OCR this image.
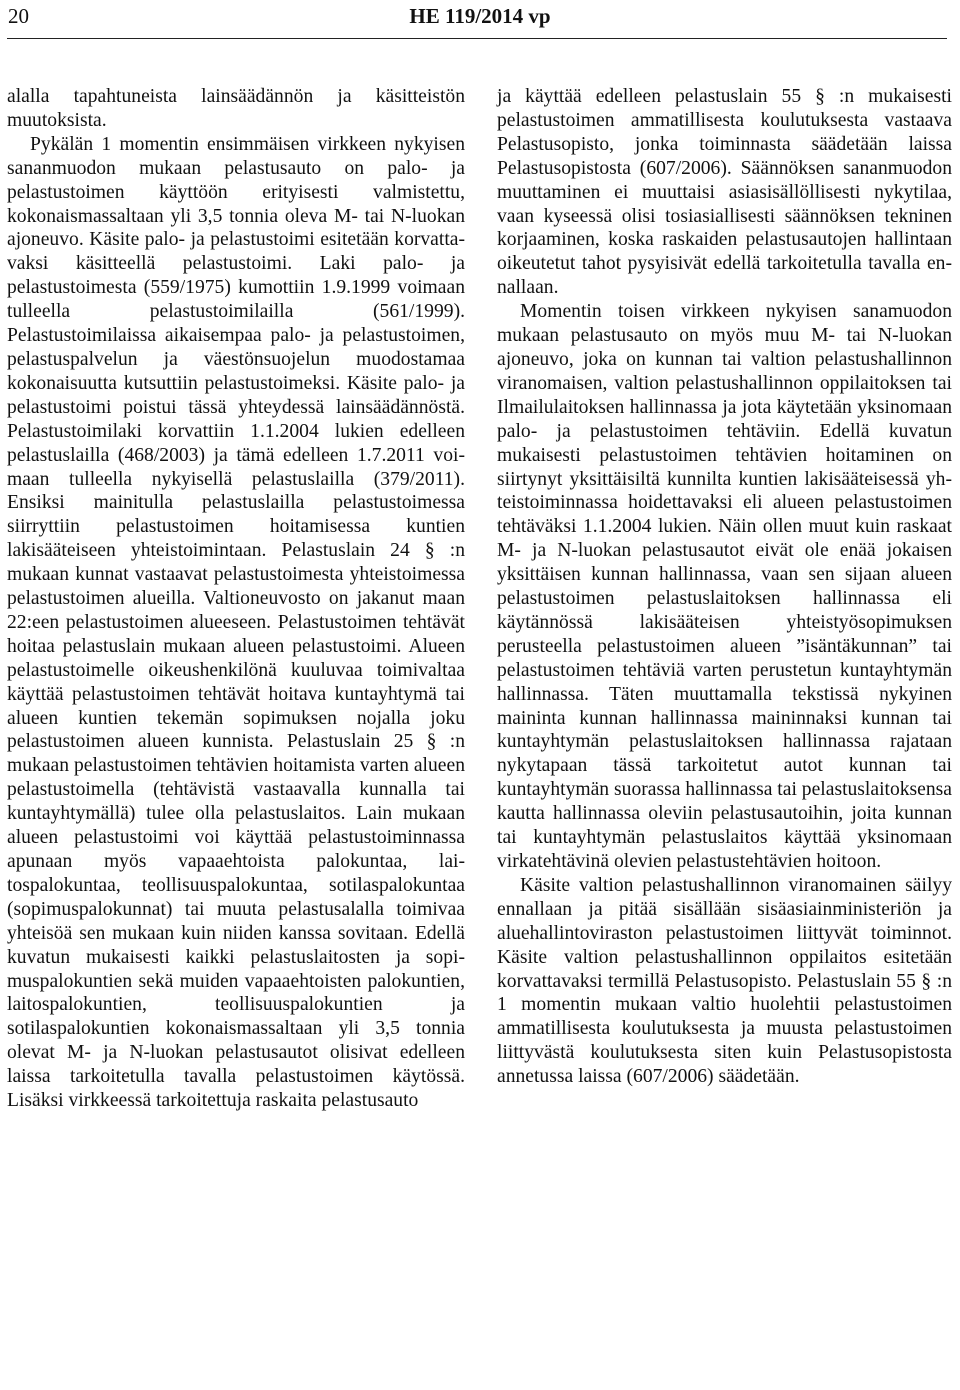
20	HE 119/2014 vp

alalla tapahtuneista lainsäädännön ja käsitteistön muutoksista.

Pykälän 1 momentin ensimmäisen virkkeen nykyisen sananmuodon mukaan pelastusauto on palo- ja pelastustoimen käyttöön erityisesti valmistettu, kokonaismassaltaan yli 3,5 tonnia oleva M- tai N-luokan ajoneuvo. Käsite palo- ja pelastustoimi esitetään korvattavaksi käsitteellä pelastustoimi. Laki palo- ja pelastustoimesta (559/1975) kumottiin 1.9.1999 voimaan tulleella pelastustoimilailla (561/1999). Pelastustoimilaissa aikaisempaa palo- ja pelastustoimen, pelastuspalvelun ja väestönsuojelun muodostamaa kokonaisuutta kutsuttiin pelastustoimeksi. Käsite palo- ja pelastustoimi poistui tässä yhteydessä lainsäädännöstä. Pelastustoimilaki korvattiin 1.1.2004 lukien edelleen pelastuslailla (468/2003) ja tämä edelleen 1.7.2011 voimaan tulleella nykyisellä pelastuslailla (379/2011). Ensiksi mainitulla pelastuslailla pelastustoimessa siirryttiin pelastustoimen hoitamisessa kuntien lakisääteiseen yhteistoimintaan. Pelastuslain 24 § :n mukaan kunnat vastaavat pelastustoimesta yhteistoimessa pelastustoimen alueilla. Valtioneuvosto on jakanut maan 22:een pelastustoimen alueeseen. Pelastustoimen tehtävät hoitaa pelastuslain mukaan alueen pelastustoimi. Alueen pelastustoimelle oikeushenkilönä kuuluvaa toimivaltaa käyttää pelastustoimen tehtävät hoitava kuntayhtymä tai alueen kuntien tekemän sopimuksen nojalla joku pelastustoimen alueen kunnista. Pelastuslain 25 § :n mukaan pelastustoimen tehtävien hoitamista varten alueen pelastustoimella (tehtävistä vastaavalla kunnalla tai kuntayhtymällä) tulee olla pelastuslaitos. Lain mukaan alueen pelastustoimi voi käyttää pelastustoiminnassa apunaan myös vapaaehtoista palokuntaa, laitospalokuntaa, teollisuuspalokuntaa, sotilaspalokuntaa (sopimuspalokunnat) tai muuta pelastusalalla toimivaa yhteisöä sen mukaan kuin niiden kanssa sovitaan. Edellä kuvatun mukaisesti kaikki pelastuslaitosten ja sopimuspalokuntien sekä muiden vapaaehtoisten palokuntien, laitospalokuntien, teollisuuspalokuntien ja sotilaspalokuntien kokonaismassaltaan yli 3,5 tonnia olevat M- ja N-luokan pelastusautot olisivat edelleen laissa tarkoitetulla tavalla pelastustoimen käytössä. Lisäksi virkkeessä tarkoitettuja raskaita pelastusauto

ja käyttää edelleen pelastuslain 55 § :n mukaisesti pelastustoimen ammatillisesta koulutuksesta vastaava Pelastusopisto, jonka toiminnasta säädetään laissa Pelastusopistosta (607/2006). Säännöksen sananmuodon muuttaminen ei muuttaisi asiasisällöllisesti nykytilaa, vaan kyseessä olisi tosiasiallisesti säännöksen tekninen korjaaminen, koska raskaiden pelastusautojen hallintaan oikeutetut tahot pysyisivät edellä tarkoitetulla tavalla ennallaan.

Momentin toisen virkkeen nykyisen sanamuodon mukaan pelastusauto on myös muu M- tai N-luokan ajoneuvo, joka on kunnan tai valtion pelastushallinnon viranomaisen, valtion pelastushallinnon oppilaitoksen tai Ilmailulaitoksen hallinnassa ja jota käytetään yksinomaan palo- ja pelastustoimen tehtäviin. Edellä kuvatun mukaisesti pelastustoimen tehtävien hoitaminen on siirtynyt yksittäisiltä kunnilta kuntien lakisääteisessä yhteistoiminnassa hoidettavaksi eli alueen pelastustoimen tehtäväksi 1.1.2004 lukien. Näin ollen muut kuin raskaat M- ja N-luokan pelastusautot eivät ole enää jokaisen yksittäisen kunnan hallinnassa, vaan sen sijaan alueen pelastustoimen pelastuslaitoksen hallinnassa eli käytännössä lakisääteisen yhteistyösopimuksen perusteella pelastustoimen alueen ”isäntäkunnan” tai pelastustoimen tehtäviä varten perustetun kuntayhtymän hallinnassa. Täten muuttamalla tekstissä nykyinen maininta kunnan hallinnassa maininnaksi kunnan tai kuntayhtymän pelastuslaitoksen hallinnassa rajataan nykytapaan tässä tarkoitetut autot kunnan tai kuntayhtymän suorassa hallinnassa tai pelastuslaitoksensa kautta hallinnassa oleviin pelastusautoihin, joita kunnan tai kuntayhtymän pelastuslaitos käyttää yksinomaan virkatehtävinä olevien pelastustehtävien hoitoon.

Käsite valtion pelastushallinnon viranomainen säilyy ennallaan ja pitää sisällään sisäasiainministeriön ja aluehallintoviraston pelastustoimen liittyvät toiminnot. Käsite valtion pelastushallinnon oppilaitos esitetään korvattavaksi termillä Pelastusopisto. Pelastuslain 55 § :n 1 momentin mukaan valtio huolehtii pelastustoimen ammatillisesta koulutuksesta ja muusta pelastustoimen liittyvästä koulutuksesta siten kuin Pelastusopistosta annetussa laissa (607/2006) säädetään.
